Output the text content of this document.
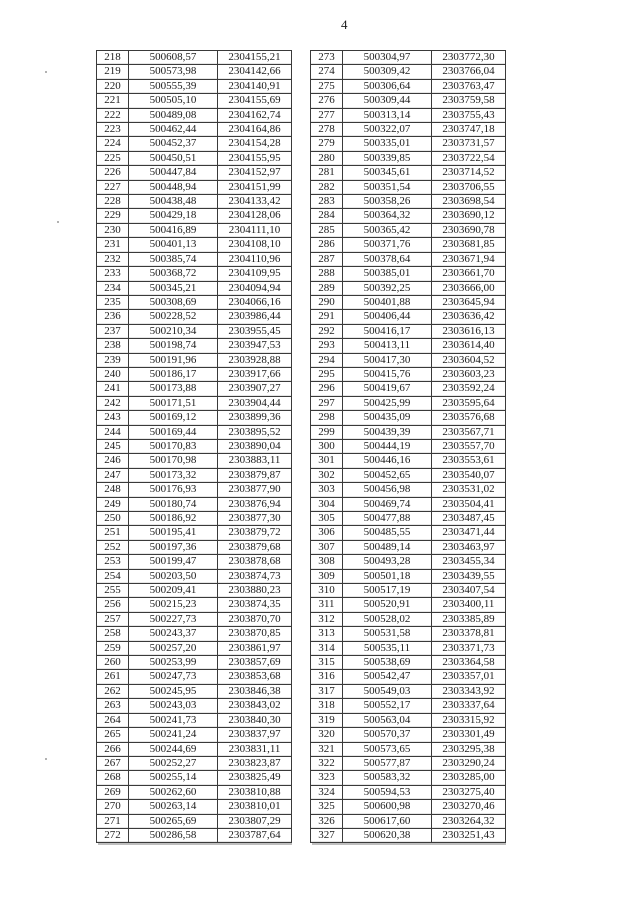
4
218	500608,57	2304155,21
219	500573,98	2304142,66
220	500555,39	2304140,91
221	500505,10	2304155,69
222	500489,08	2304162,74
223	500462,44	2304164,86
224	500452,37	2304154,28
225	500450,51	2304155,95
226	500447,84	2304152,97
227	500448,94	2304151,99
228	500438,48	2304133,42
229	500429,18	2304128,06
230	500416,89	2304111,10
231	500401,13	2304108,10
232	500385,74	2304110,96
233	500368,72	2304109,95
234	500345,21	2304094,94
235	500308,69	2304066,16
236	500228,52	2303986,44
237	500210,34	2303955,45
238	500198,74	2303947,53
239	500191,96	2303928,88
240	500186,17	2303917,66
241	500173,88	2303907,27
242	500171,51	2303904,44
243	500169,12	2303899,36
244	500169,44	2303895,52
245	500170,83	2303890,04
246	500170,98	2303883,11
247	500173,32	2303879,87
248	500176,93	2303877,90
249	500180,74	2303876,94
250	500186,92	2303877,30
251	500195,41	2303879,72
252	500197,36	2303879,68
253	500199,47	2303878,68
254	500203,50	2303874,73
255	500209,41	2303880,23
256	500215,23	2303874,35
257	500227,73	2303870,70
258	500243,37	2303870,85
259	500257,20	2303861,97
260	500253,99	2303857,69
261	500247,73	2303853,68
262	500245,95	2303846,38
263	500243,03	2303843,02
264	500241,73	2303840,30
265	500241,24	2303837,97
266	500244,69	2303831,11
267	500252,27	2303823,87
268	500255,14	2303825,49
269	500262,60	2303810,88
270	500263,14	2303810,01
271	500265,69	2303807,29
272	500286,58	2303787,64
273	500304,97	2303772,30
274	500309,42	2303766,04
275	500306,64	2303763,47
276	500309,44	2303759,58
277	500313,14	2303755,43
278	500322,07	2303747,18
279	500335,01	2303731,57
280	500339,85	2303722,54
281	500345,61	2303714,52
282	500351,54	2303706,55
283	500358,26	2303698,54
284	500364,32	2303690,12
285	500365,42	2303690,78
286	500371,76	2303681,85
287	500378,64	2303671,94
288	500385,01	2303661,70
289	500392,25	2303666,00
290	500401,88	2303645,94
291	500406,44	2303636,42
292	500416,17	2303616,13
293	500413,11	2303614,40
294	500417,30	2303604,52
295	500415,76	2303603,23
296	500419,67	2303592,24
297	500425,99	2303595,64
298	500435,09	2303576,68
299	500439,39	2303567,71
300	500444,19	2303557,70
301	500446,16	2303553,61
302	500452,65	2303540,07
303	500456,98	2303531,02
304	500469,74	2303504,41
305	500477,88	2303487,45
306	500485,55	2303471,44
307	500489,14	2303463,97
308	500493,28	2303455,34
309	500501,18	2303439,55
310	500517,19	2303407,54
311	500520,91	2303400,11
312	500528,02	2303385,89
313	500531,58	2303378,81
314	500535,11	2303371,73
315	500538,69	2303364,58
316	500542,47	2303357,01
317	500549,03	2303343,92
318	500552,17	2303337,64
319	500563,04	2303315,92
320	500570,37	2303301,49
321	500573,65	2303295,38
322	500577,87	2303290,24
323	500583,32	2303285,00
324	500594,53	2303275,40
325	500600,98	2303270,46
326	500617,60	2303264,32
327	500620,38	2303251,43
